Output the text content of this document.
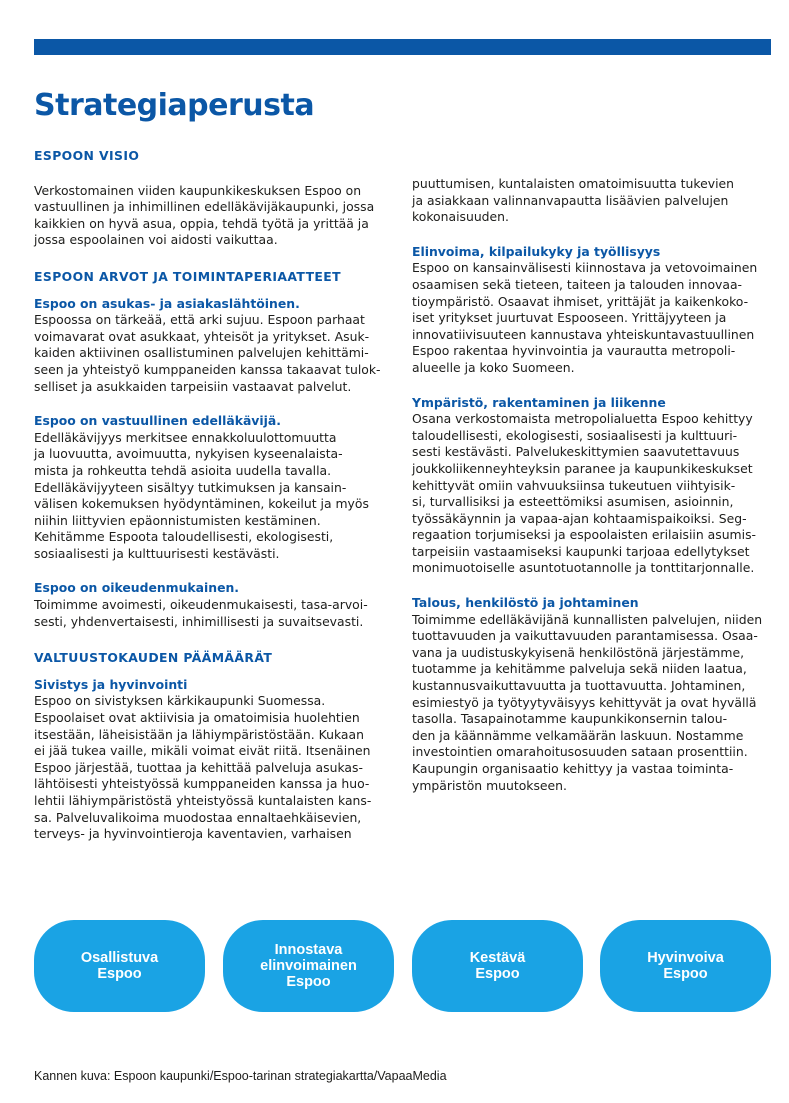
Strategiaperusta

ESPOON VISIO

Verkostomainen viiden kaupunkikeskuksen Espoo on
vastuullinen ja inhimillinen edelläkävijäkaupunki, jossa
kaikkien on hyvä asua, oppia, tehdä työtä ja yrittää ja
jossa espoolainen voi aidosti vaikuttaa.

ESPOON ARVOT JA TOIMINTAPERIAATTEET

Espoo on asukas- ja asiakaslähtöinen.

Espoossa on tärkeää, että arki sujuu. Espoon parhaat
voimavarat ovat asukkaat, yhteisöt ja yritykset. Asuk-
kaiden aktiivinen osallistuminen palvelujen kehittämi-
seen ja yhteistyö kumppaneiden kanssa takaavat tulok-
selliset ja asukkaiden tarpeisiin vastaavat palvelut.

Espoo on vastuullinen edelläkävijä.

Edelläkävijyys merkitsee ennakkoluulottomuutta
ja luovuutta, avoimuutta, nykyisen kyseenalaista-
mista ja rohkeutta tehdä asioita uudella tavalla.
Edelläkävijyyteen sisältyy tutkimuksen ja kansain-
välisen kokemuksen hyödyntäminen, kokeilut ja myös
niihin liittyvien epäonnistumisten kestäminen.
Kehitämme Espoota taloudellisesti, ekologisesti,
sosiaalisesti ja kulttuurisesti kestävästi.

Espoo on oikeudenmukainen.

Toimimme avoimesti, oikeudenmukaisesti, tasa-arvoi-
sesti, yhdenvertaisesti, inhimillisesti ja suvaitsevasti.

VALTUUSTOKAUDEN PÄÄMÄÄRÄT

Sivistys ja hyvinvointi

Espoo on sivistyksen kärkikaupunki Suomessa.
Espoolaiset ovat aktiivisia ja omatoimisia huolehtien
itsestään, läheisistään ja lähiympäristöstään. Kukaan
ei jää tukea vaille, mikäli voimat eivät riitä. Itsenäinen
Espoo järjestää, tuottaa ja kehittää palveluja asukas-
lähtöisesti yhteistyössä kumppaneiden kanssa ja huo-
lehtii lähiympäristöstä yhteistyössä kuntalaisten kans-
sa. Palveluvalikoima muodostaa ennaltaehkäisevien,
terveys- ja hyvinvointieroja kaventavien, varhaisen

puuttumisen, kuntalaisten omatoimisuutta tukevien
ja asiakkaan valinnanvapautta lisäävien palvelujen
kokonaisuuden.

Elinvoima, kilpailukyky ja työllisyys

Espoo on kansainvälisesti kiinnostava ja vetovoimainen
osaamisen sekä tieteen, taiteen ja talouden innovaa-
tioympäristö. Osaavat ihmiset, yrittäjät ja kaikenkoko-
iset yritykset juurtuvat Espooseen. Yrittäjyyteen ja
innovatiivisuuteen kannustava yhteiskuntavastuullinen
Espoo rakentaa hyvinvointia ja vaurautta metropoli-
alueelle ja koko Suomeen.

Ympäristö, rakentaminen ja liikenne

Osana verkostomaista metropolialuetta Espoo kehittyy
taloudellisesti, ekologisesti, sosiaalisesti ja kulttuuri-
sesti kestävästi. Palvelukeskittymien saavutettavuus
joukkoliikenneyhteyksin paranee ja kaupunkikeskukset
kehittyvät omiin vahvuuksiinsa tukeutuen viihtyisik-
si, turvallisiksi ja esteettömiksi asumisen, asioinnin,
työssäkäynnin ja vapaa-ajan kohtaamispaikoiksi. Seg-
regaation torjumiseksi ja espoolaisten erilaisiin asumis-
tarpeisiin vastaamiseksi kaupunki tarjoaa edellytykset
monimuotoiselle asuntotuotannolle ja tonttitarjonnalle.

Talous, henkilöstö ja johtaminen

Toimimme edelläkävijänä kunnallisten palvelujen, niiden
tuottavuuden ja vaikuttavuuden parantamisessa. Osaa-
vana ja uudistuskykyisenä henkilöstönä järjestämme,
tuotamme ja kehitämme palveluja sekä niiden laatua,
kustannusvaikuttavuutta ja tuottavuutta. Johtaminen,
esimiestyö ja työtyytyväisyys kehittyvät ja ovat hyvällä
tasolla. Tasapainotamme kaupunkikonsernin talou-
den ja käännämme velkamäärän laskuun. Nostamme
investointien omarahoitusosuuden sataan prosenttiin.
Kaupungin organisaatio kehittyy ja vastaa toiminta-
ympäristön muutokseen.

Osallistuva
Espoo
Innostava
elinvoimainen
Espoo
Kestävä
Espoo
Hyvinvoiva
Espoo
Kannen kuva: Espoon kaupunki/Espoo-tarinan strategiakartta/VapaaMedia
